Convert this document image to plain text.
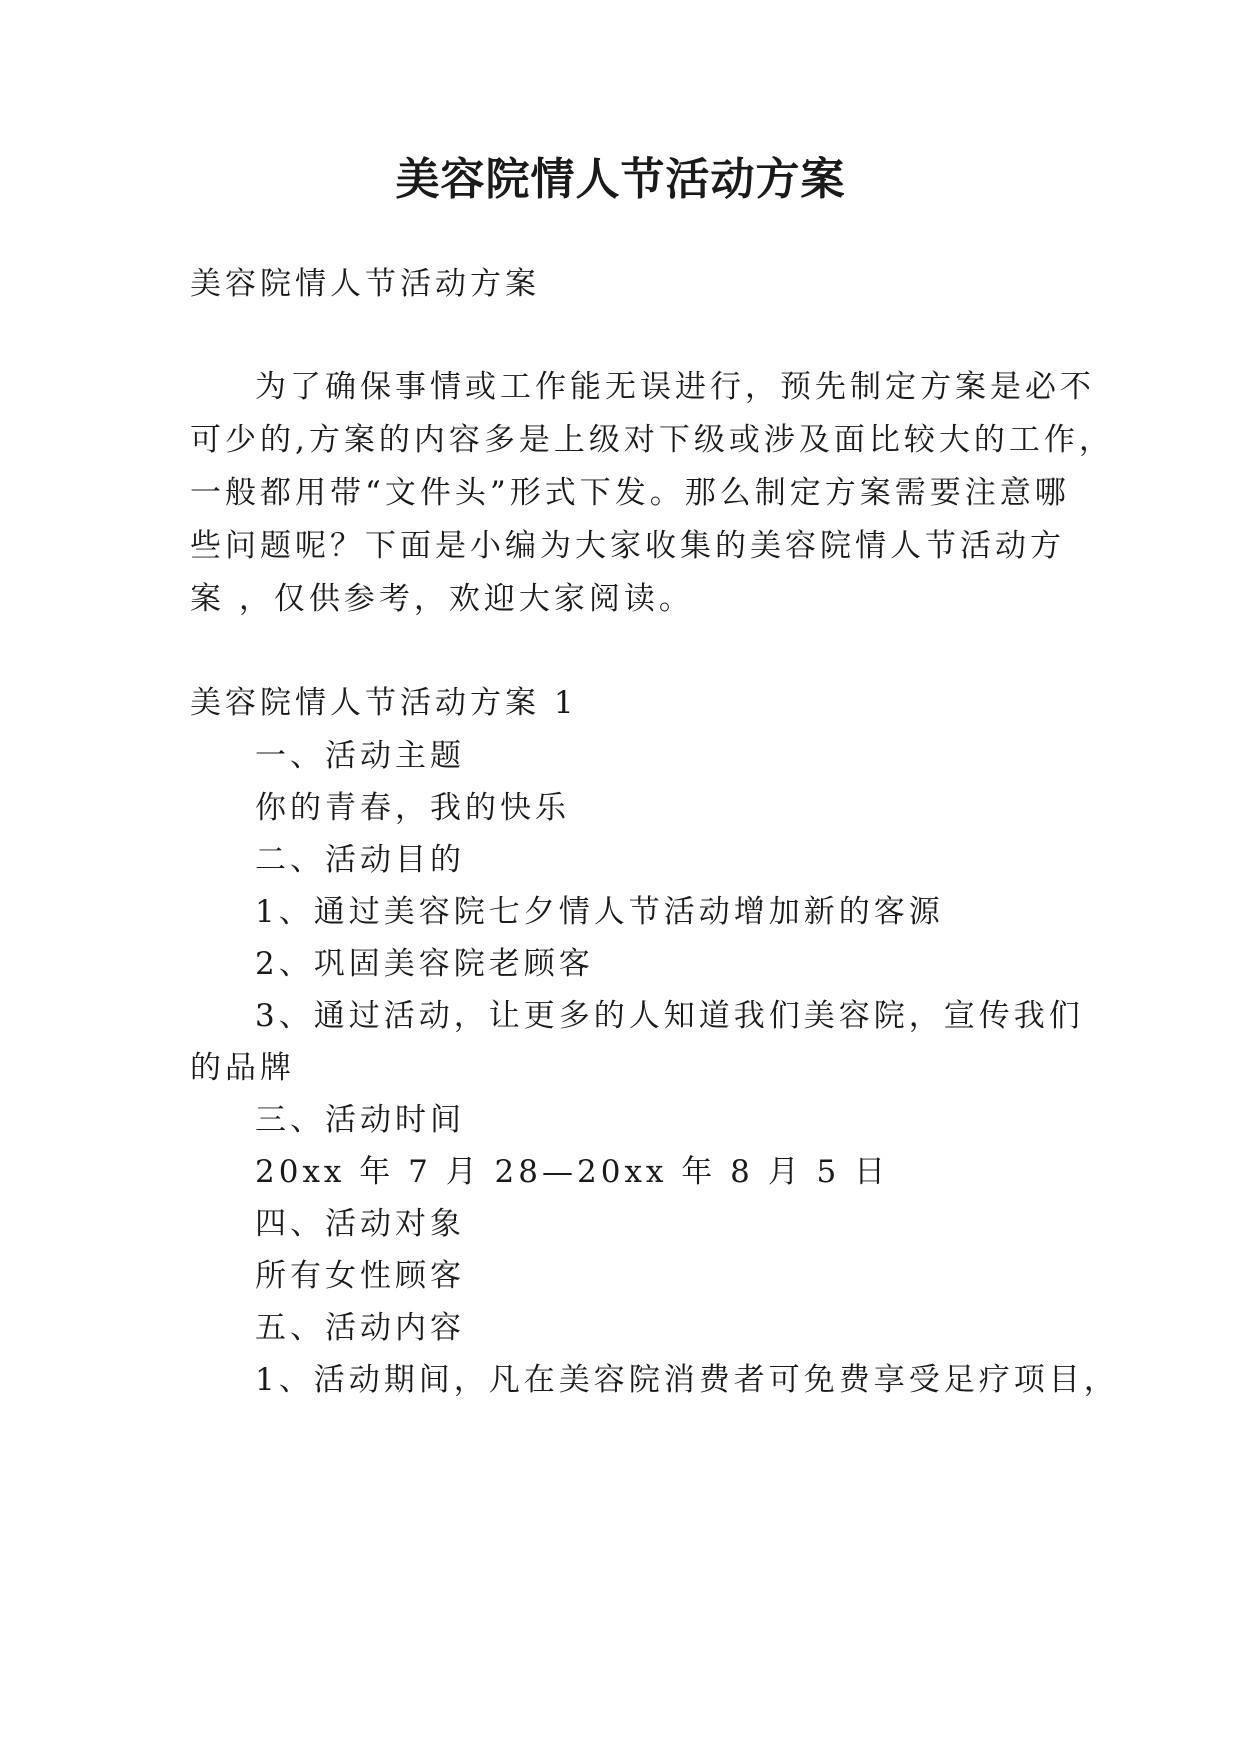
美容院情人节活动方案
美容院情人节活动方案
为了确保事情或工作能无误进行，预先制定方案是必不
可少的,方案的内容多是上级对下级或涉及面比较大的工作，
一般都用带“文件头”形式下发。那么制定方案需要注意哪
些问题呢？下面是小编为大家收集的美容院情人节活动方
案 ，仅供参考，欢迎大家阅读。
美容院情人节活动方案 1
一、活动主题
你的青春，我的快乐
二、活动目的
1、通过美容院七夕情人节活动增加新的客源
2、巩固美容院老顾客
3、通过活动，让更多的人知道我们美容院，宣传我们
的品牌
三、活动时间
20xx 年 7 月 28—20xx 年 8 月 5 日
四、活动对象
所有女性顾客
五、活动内容
1、活动期间，凡在美容院消费者可免费享受足疗项目，
